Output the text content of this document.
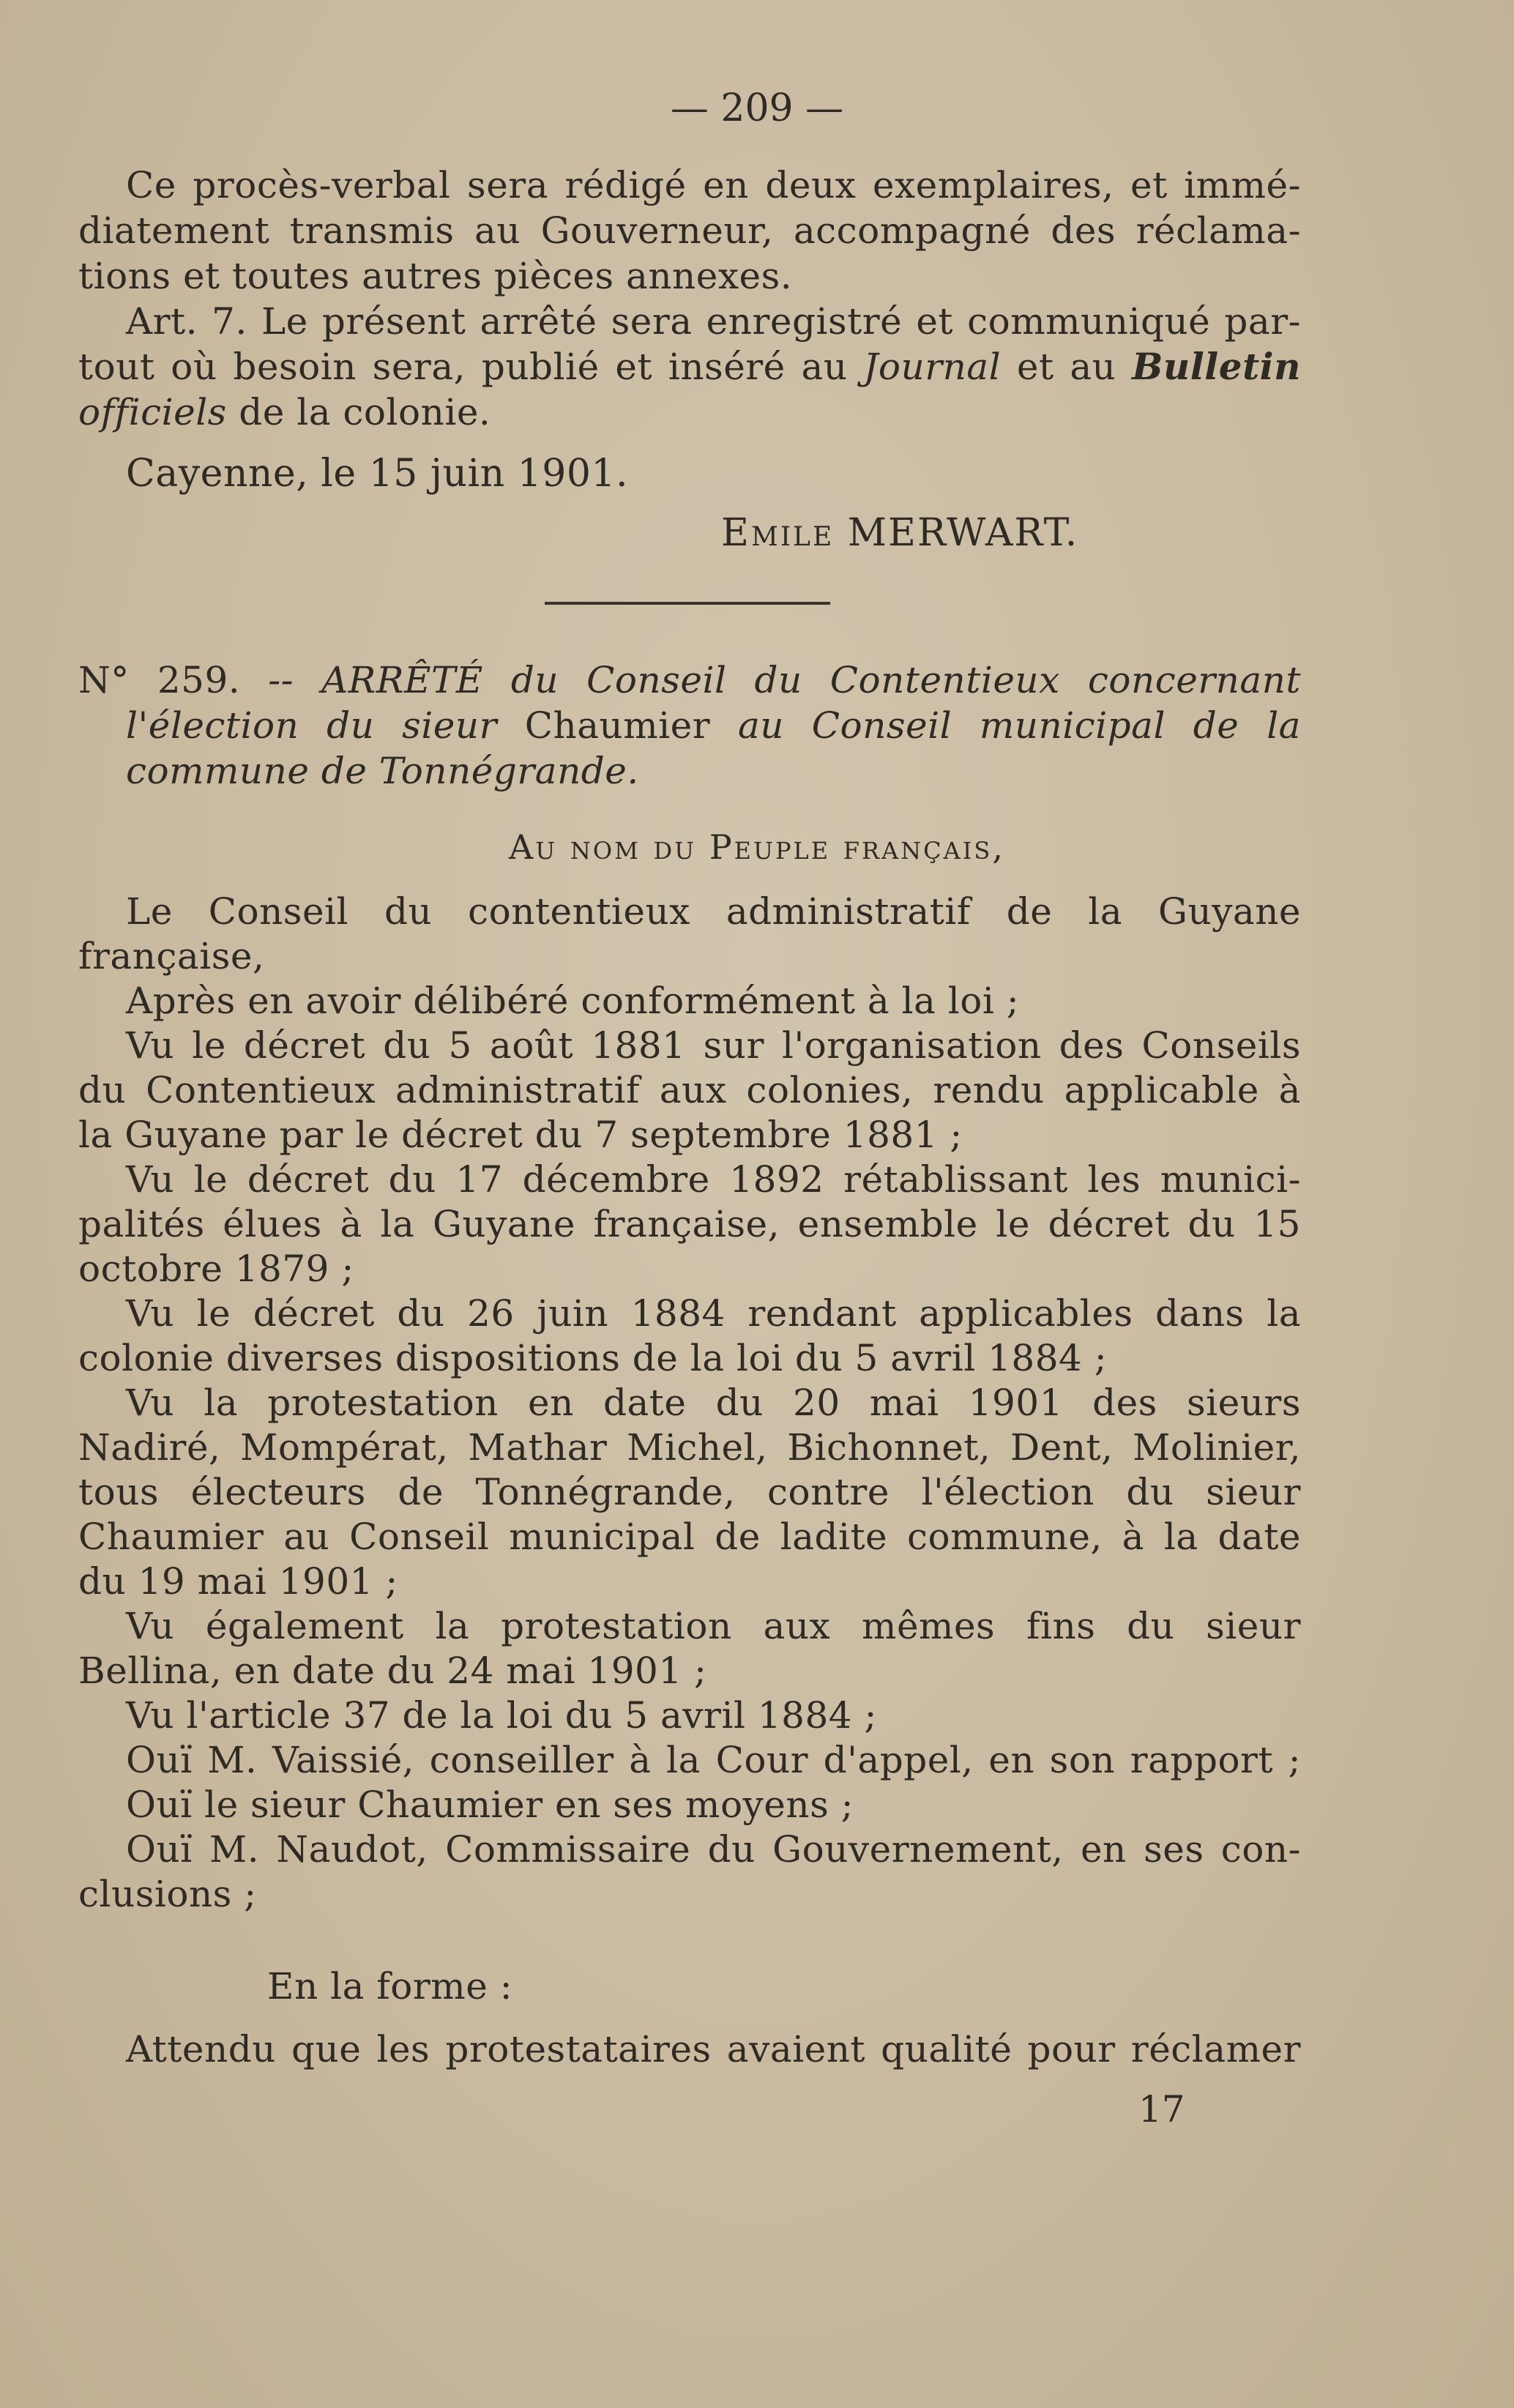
— 209 —
Ce procès-verbal sera rédigé en deux exemplaires, et immé-
diatement transmis au Gouverneur, accompagné des réclama-
tions et toutes autres pièces annexes.
Art. 7. Le présent arrêté sera enregistré et communiqué par-
tout où besoin sera, publié et inséré au Journal et au Bulletin
officiels de la colonie.
Cayenne, le 15 juin 1901.
Emile MERWART.
N° 259. -- ARRÊTÉ du Conseil du Contentieux concernant
l'élection du sieur Chaumier au Conseil municipal de la
commune de Tonnégrande.
Au nom du Peuple français,
Le Conseil du contentieux administratif de la Guyane
française,
Après en avoir délibéré conformément à la loi ;
Vu le décret du 5 août 1881 sur l'organisation des Conseils
du Contentieux administratif aux colonies, rendu applicable à
la Guyane par le décret du 7 septembre 1881 ;
Vu le décret du 17 décembre 1892 rétablissant les munici-
palités élues à la Guyane française, ensemble le décret du 15
octobre 1879 ;
Vu le décret du 26 juin 1884 rendant applicables dans la
colonie diverses dispositions de la loi du 5 avril 1884 ;
Vu la protestation en date du 20 mai 1901 des sieurs
Nadiré, Mompérat, Mathar Michel, Bichonnet, Dent, Molinier,
tous électeurs de Tonnégrande, contre l'élection du sieur
Chaumier au Conseil municipal de ladite commune, à la date
du 19 mai 1901 ;
Vu également la protestation aux mêmes fins du sieur
Bellina, en date du 24 mai 1901 ;
Vu l'article 37 de la loi du 5 avril 1884 ;
Ouï M. Vaissié, conseiller à la Cour d'appel, en son rapport ;
Ouï le sieur Chaumier en ses moyens ;
Ouï M. Naudot, Commissaire du Gouvernement, en ses con-
clusions ;
En la forme :
Attendu que les protestataires avaient qualité pour réclamer
17
